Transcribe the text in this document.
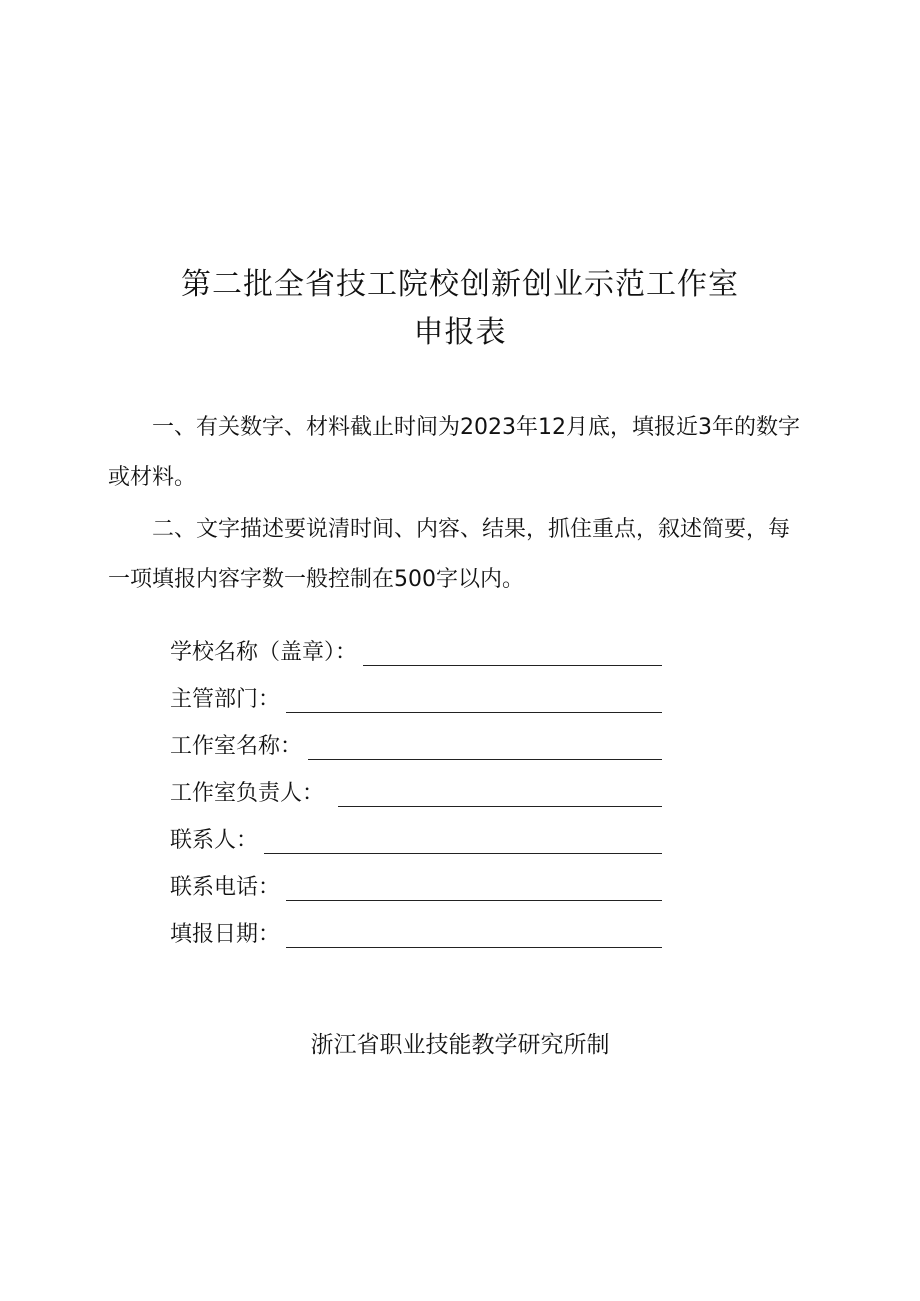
第二批全省技工院校创新创业示范工作室
申报表
一、有关数字、材料截止时间为2023年12月底，填报近3年的数字或材料。
二、文字描述要说清时间、内容、结果，抓住重点，叙述简要，每一项填报内容字数一般控制在500字以内。
学校名称（盖章）：
主管部门：
工作室名称：
工作室负责人：
联系人：
联系电话：
填报日期：
浙江省职业技能教学研究所制
